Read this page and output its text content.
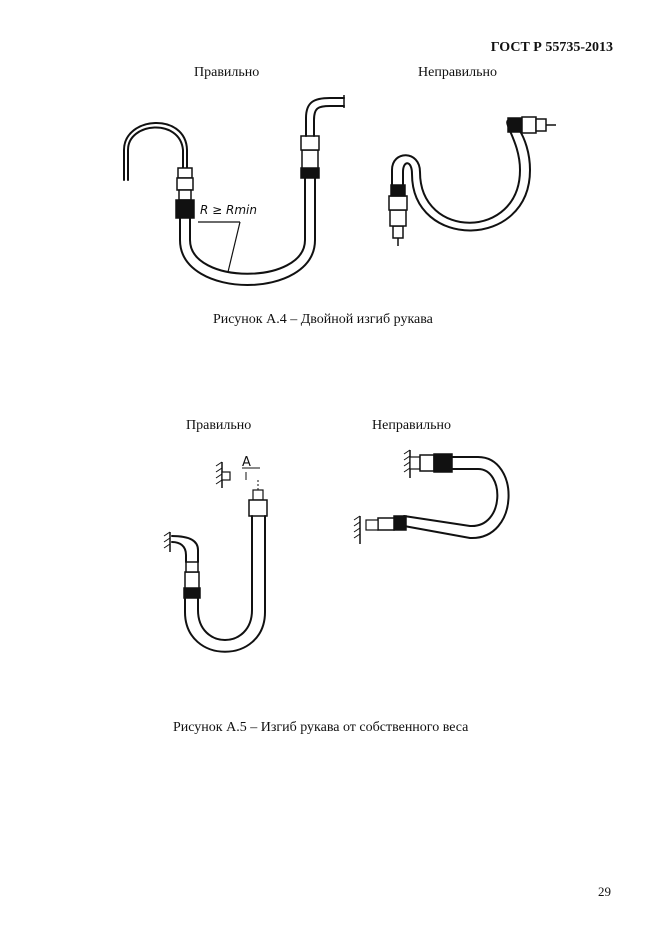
ГОСТ Р 55735-2013
Правильно	Неправильно
R ≥ Rmin
Рисунок А.4 – Двойной изгиб рукава
Правильно	Неправильно
A
Рисунок А.5 – Изгиб рукава от собственного веса
29
